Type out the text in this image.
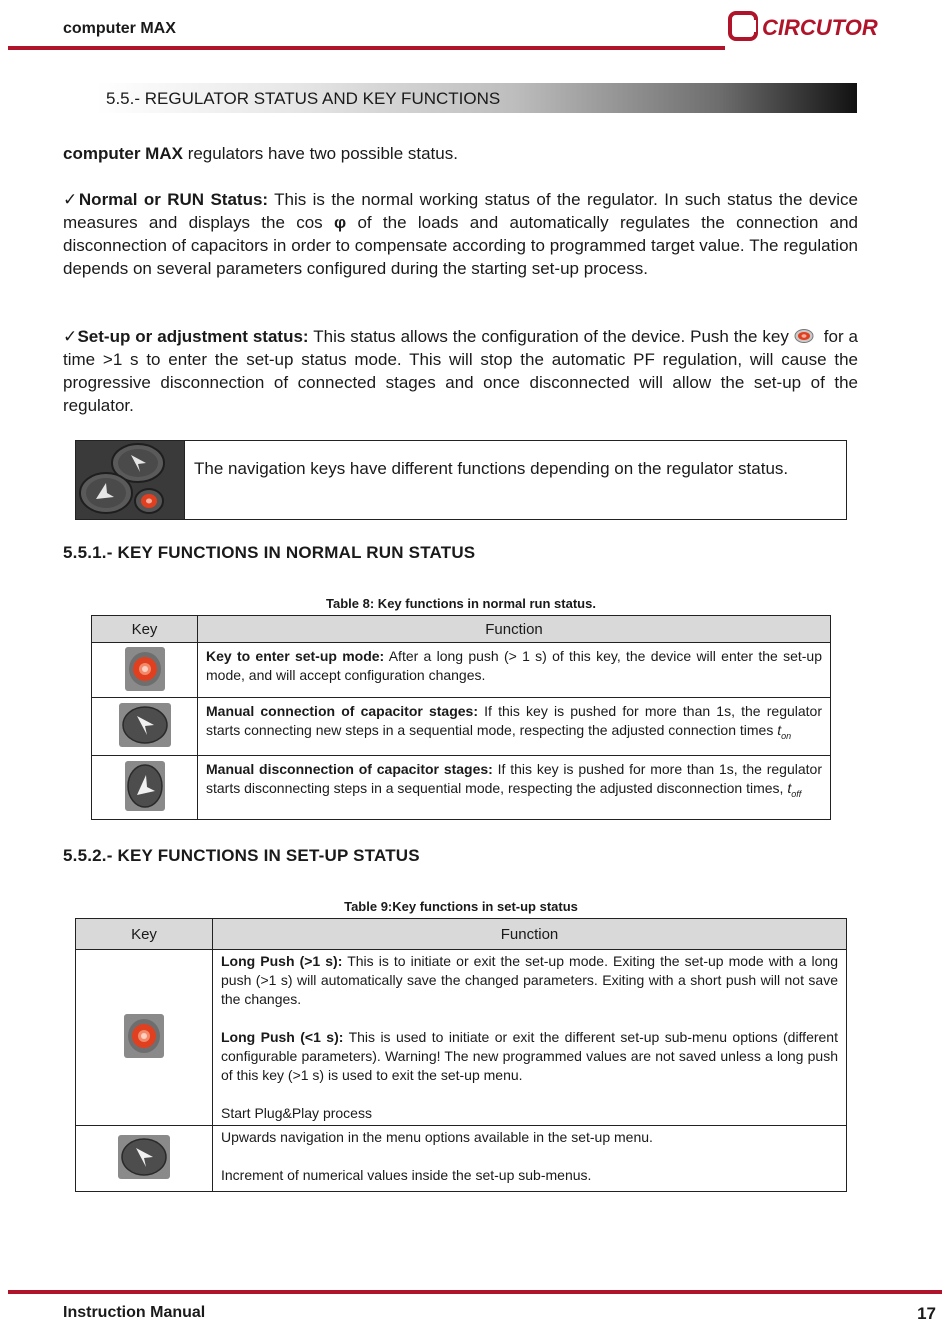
computer MAX	CIRCUTOR
5.5.- REGULATOR STATUS AND KEY FUNCTIONS
computer MAX regulators have two possible status.
✓Normal or RUN Status: This is the normal working status of the regulator. In such status the device measures and displays the cos φ of the loads and automatically regulates the connection and disconnection of capacitors in order to compensate according to programmed target value. The regulation depends on several parameters configured during the starting set-up process.
✓Set-up or adjustment status: This status allows the configuration of the device. Push the key for a time >1 s to enter the set-up status mode. This will stop the automatic PF regulation, will cause the progressive disconnection of connected stages and once disconnected will allow the set-up of the regulator.
The navigation keys have different functions depending on the regulator status.
5.5.1.- KEY FUNCTIONS IN NORMAL RUN STATUS
Table 8: Key functions in normal run status.
Key	Function
	Key to enter set-up mode: After a long push (> 1 s) of this key, the device will enter the set-up mode, and will accept configuration changes.
	Manual connection of capacitor stages: If this key is pushed for more than 1s, the regulator starts connecting new steps in a sequential mode, respecting the adjusted connection times $t_{on}$
	Manual disconnection of capacitor stages: If this key is pushed for more than 1s, the regulator starts disconnecting steps in a sequential mode, respecting the adjusted disconnection times, $t_{off}$
5.5.2.- KEY FUNCTIONS IN SET-UP STATUS
Table 9:Key functions in set-up status
Key	Function

Long Push (>1 s): This is to initiate or exit the set-up mode. Exiting the set-up mode with a long push (>1 s) will automatically save the changed parameters. Exiting with a short push will not save the changes.
Long Push (<1 s): This is used to initiate or exit the different set-up sub-menu options (different configurable parameters). Warning! The new programmed values are not saved unless a long push of this key (>1 s) is used to exit the set-up menu.
Start Plug&Play process

Upwards navigation in the menu options available in the set-up menu.
Increment of numerical values inside the set-up sub-menus.
Instruction Manual	17
